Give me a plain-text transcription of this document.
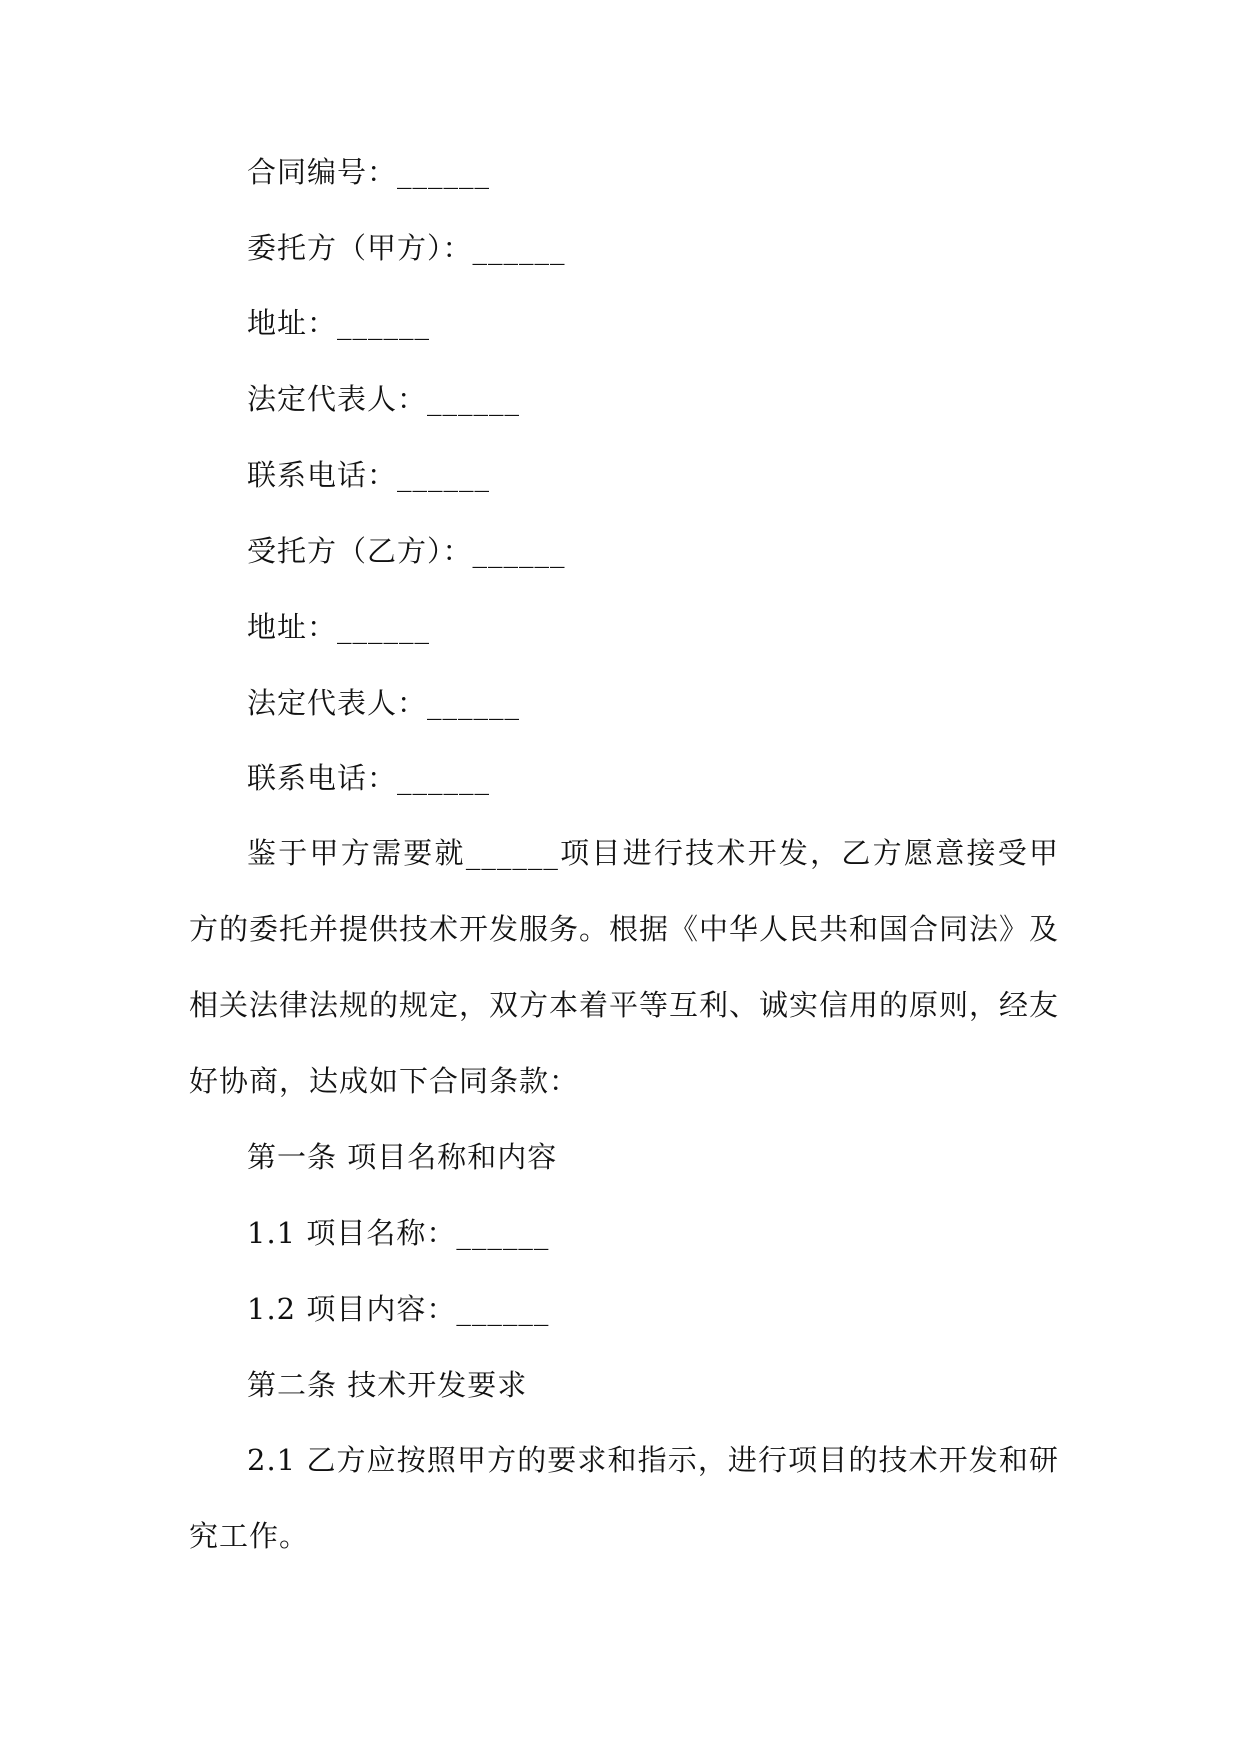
合同编号：______
委托方（甲方）：______
地址：______
法定代表人：______
联系电话：______
受托方（乙方）：______
地址：______
法定代表人：______
联系电话：______

鉴于甲方需要就______项目进行技术开发，乙方愿意接受甲方的委托并提供技术开发服务。根据《中华人民共和国合同法》及相关法律法规的规定，双方本着平等互利、诚实信用的原则，经友好协商，达成如下合同条款：

第一条 项目名称和内容
1.1 项目名称：______
1.2 项目内容：______
第二条 技术开发要求

2.1 乙方应按照甲方的要求和指示，进行项目的技术开发和研究工作。
